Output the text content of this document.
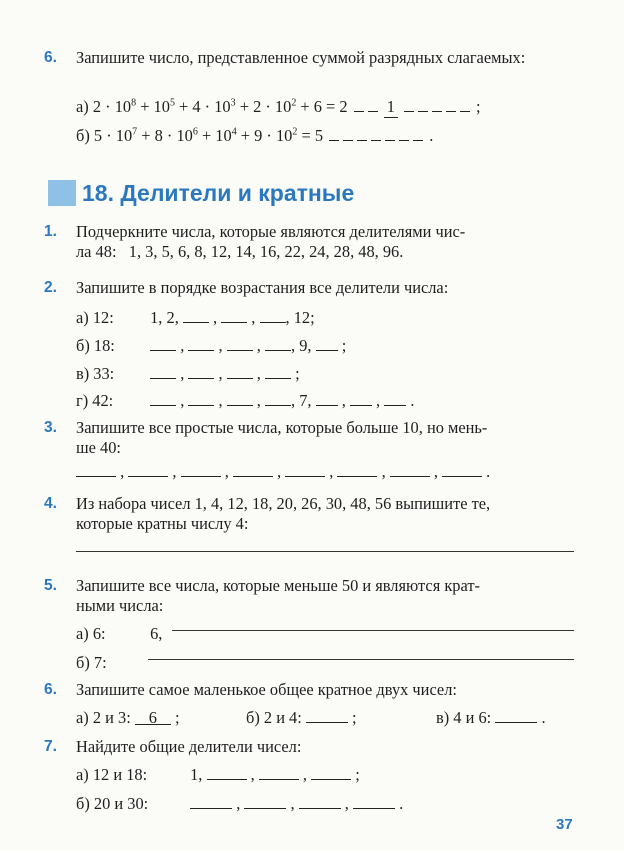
6. Запишите число, представленное суммой разрядных слагаемых:
а) $2 \cdot 10^8 + 10^5 + 4 \cdot 10^3 + 2 \cdot 10^2 + 6 = 2$ 1	;
б) $5 \cdot 10^7 + 8 \cdot 10^6 + 10^4 + 9 \cdot 10^2 = 5$	.
18. Делители и кратные
1. Подчеркните числа, которые являются делителями чис-
ла 48:   1, 3, 5, 6, 8, 12, 14, 16, 22, 24, 28, 48, 96.
2. Запишите в порядке возрастания все делители числа:
а) 12: 1, 2,  ,  , , 12;
б) 18:	,  ,  , , 9, ;
в) 33:	,  ,  ,  ;
г) 42:	,  ,  , , 7,  ,  ,  .
3. Запишите все простые числа, которые больше 10, но мень-
ше 40:
,  ,  ,  ,  ,  ,  ,  .
4. Из набора чисел 1, 4, 12, 18, 20, 26, 30, 48, 56 выпишите те,
которые кратны числу 4:
5. Запишите все числа, которые меньше 50 и являются крат-
ными числа:
а) 6:	6,
б) 7:
6. Запишите самое маленькое общее кратное двух чисел:
а) 2 и 3: 6 ;	б) 2 и 4:	;	в) 4 и 6:	.
7. Найдите общие делители чисел:
а) 12 и 18:	1,	,  ,	;
б) 20 и 30:	,	,	,	.
37
